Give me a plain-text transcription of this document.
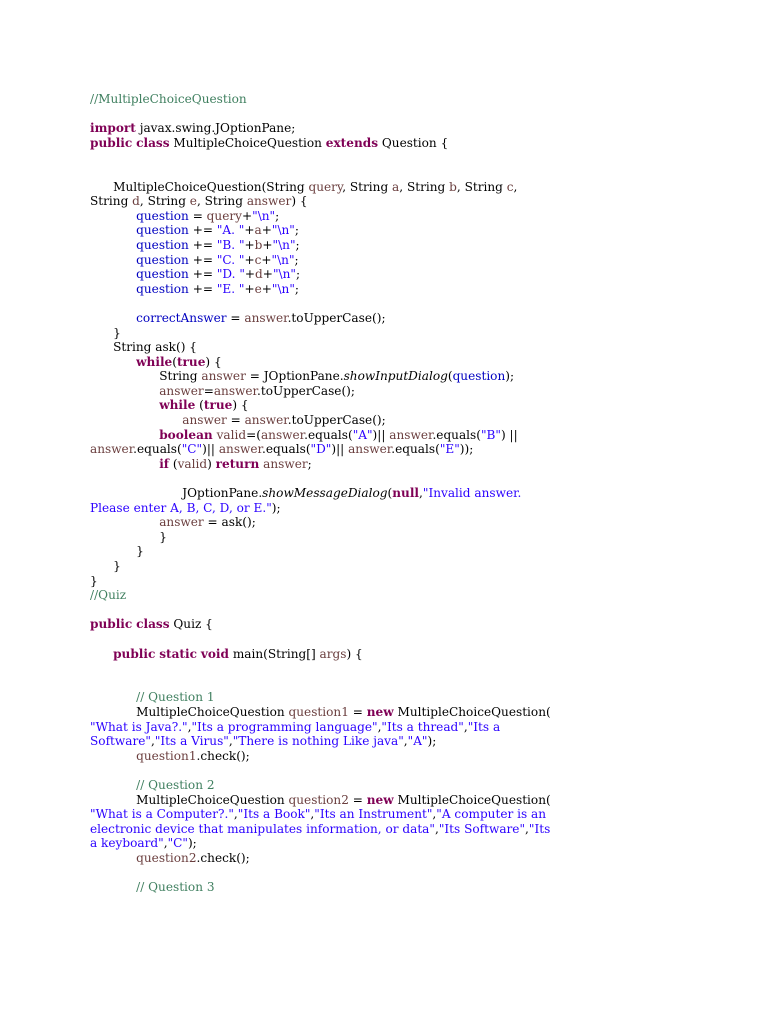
//MultipleChoiceQuestion
import javax.swing.JOptionPane;
public class MultipleChoiceQuestion extends Question {
MultipleChoiceQuestion(String query, String a, String b, String c,
String d, String e, String answer) {
question = query+"\n";
question += "A. "+a+"\n";
question += "B. "+b+"\n";
question += "C. "+c+"\n";
question += "D. "+d+"\n";
question += "E. "+e+"\n";
correctAnswer = answer.toUpperCase();
}
String ask() {
while(true) {
String answer = JOptionPane.showInputDialog(question);
answer=answer.toUpperCase();
while (true) {
answer = answer.toUpperCase();
boolean valid=(answer.equals("A")|| answer.equals("B") ||
answer.equals("C")|| answer.equals("D")|| answer.equals("E"));
if (valid) return answer;
JOptionPane.showMessageDialog(null,"Invalid answer.
Please enter A, B, C, D, or E.");
answer = ask();
}
}
}
}
//Quiz
public class Quiz {
public static void main(String[] args) {
// Question 1
MultipleChoiceQuestion question1 = new MultipleChoiceQuestion(
"What is Java?.","Its a programming language","Its a thread","Its a
Software","Its a Virus","There is nothing Like java","A");
question1.check();
// Question 2
MultipleChoiceQuestion question2 = new MultipleChoiceQuestion(
"What is a Computer?.","Its a Book","Its an Instrument","A computer is an
electronic device that manipulates information, or data","Its Software","Its
a keyboard","C");
question2.check();
// Question 3
